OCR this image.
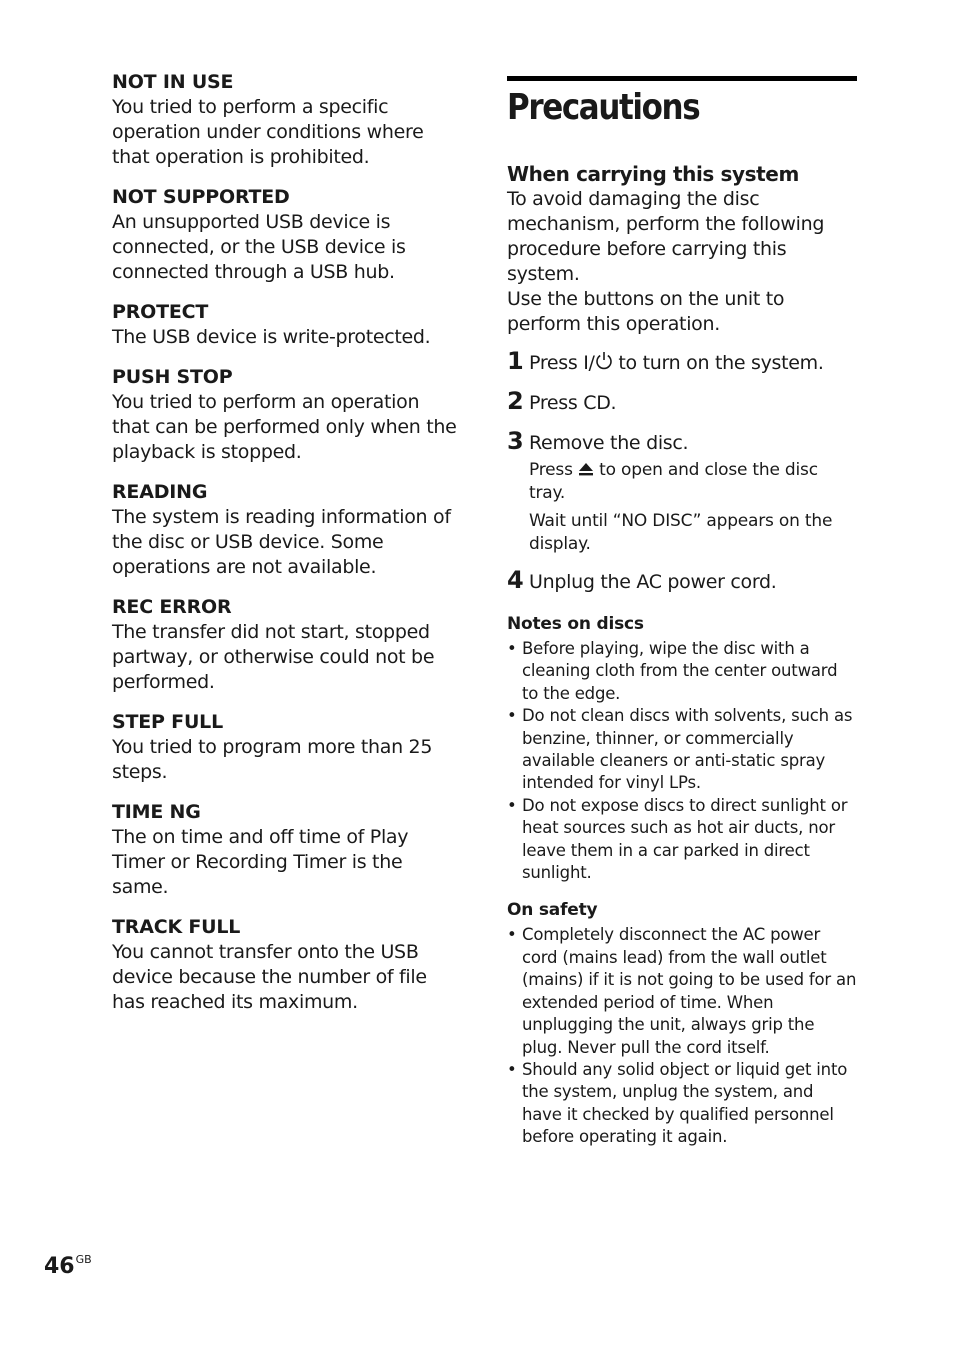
NOT IN USE
You tried to perform a specific operation under conditions where that operation is prohibited.
NOT SUPPORTED
An unsupported USB device is connected, or the USB device is connected through a USB hub.
PROTECT
The USB device is write-protected.
PUSH STOP
You tried to perform an operation that can be performed only when the playback is stopped.
READING
The system is reading information of the disc or USB device. Some operations are not available.
REC ERROR
The transfer did not start, stopped partway, or otherwise could not be performed.
STEP FULL
You tried to program more than 25 steps.
TIME NG
The on time and off time of Play Timer or Recording Timer is the same.
TRACK FULL
You cannot transfer onto the USB device because the number of file has reached its maximum.
Precautions
When carrying this system
To avoid damaging the disc mechanism, perform the following procedure before carrying this system.
Use the buttons on the unit to perform this operation.
1 Press I/ to turn on the system.
2 Press CD.
3 Remove the disc.
Press  to open and close the disc tray.
Wait until “NO DISC” appears on the display.
4 Unplug the AC power cord.
Notes on discs
• Before playing, wipe the disc with a cleaning cloth from the center outward to the edge.
• Do not clean discs with solvents, such as benzine, thinner, or commercially available cleaners or anti-static spray intended for vinyl LPs.
• Do not expose discs to direct sunlight or heat sources such as hot air ducts, nor leave them in a car parked in direct sunlight.
On safety
• Completely disconnect the AC power cord (mains lead) from the wall outlet (mains) if it is not going to be used for an extended period of time. When unplugging the unit, always grip the plug. Never pull the cord itself.
• Should any solid object or liquid get into the system, unplug the system, and have it checked by qualified personnel before operating it again.
$46^{GB}$
